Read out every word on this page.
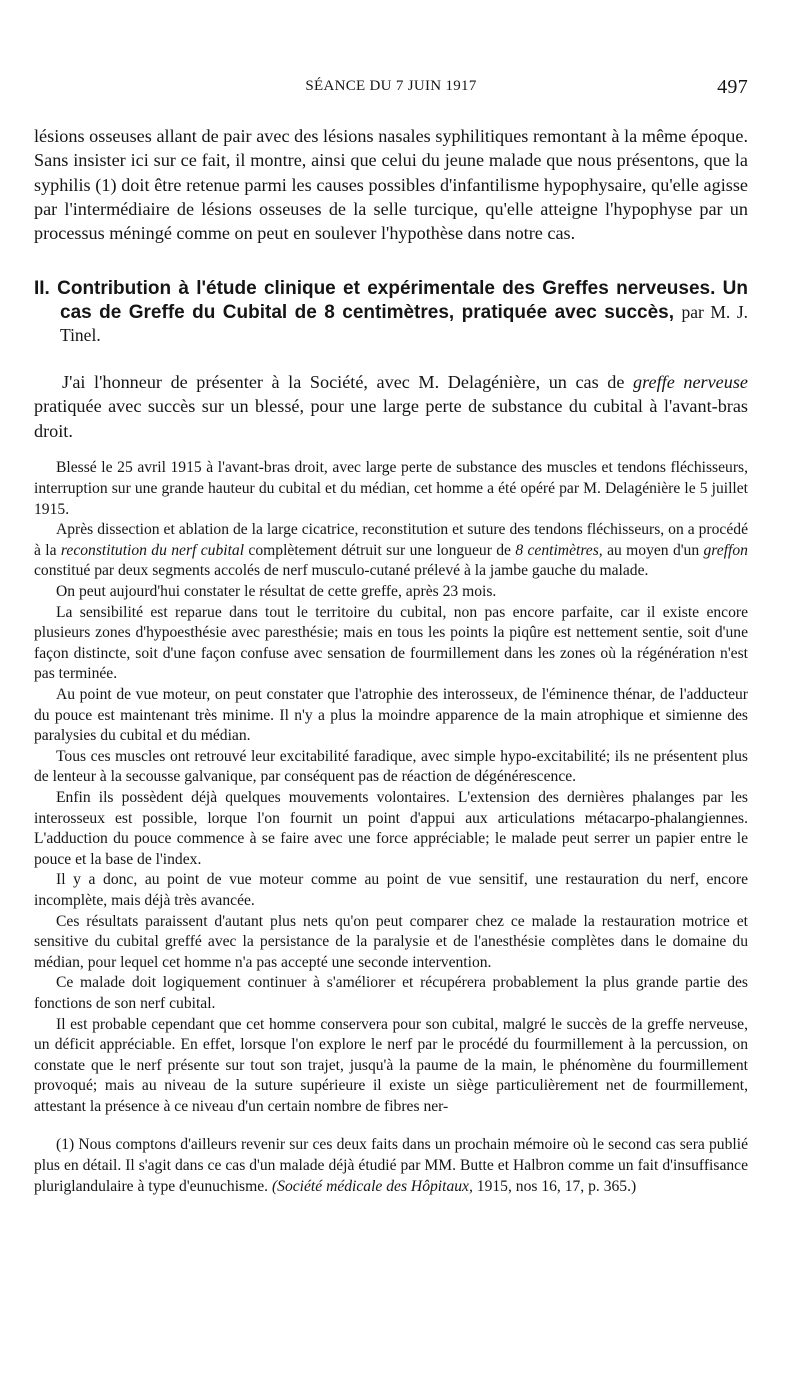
SÉANCE DU 7 JUIN 1917	497

lésions osseuses allant de pair avec des lésions nasales syphilitiques remontant à la même époque. Sans insister ici sur ce fait, il montre, ainsi que celui du jeune malade que nous présentons, que la syphilis (1) doit être retenue parmi les causes possibles d'infantilisme hypophysaire, qu'elle agisse par l'intermédiaire de lésions osseuses de la selle turcique, qu'elle atteigne l'hypophyse par un processus méningé comme on peut en soulever l'hypothèse dans notre cas.

II. Contribution à l'étude clinique et expérimentale des Greffes nerveuses. Un cas de Greffe du Cubital de 8 centimètres, pratiquée avec succès, par M. J. Tinel.

J'ai l'honneur de présenter à la Société, avec M. Delagénière, un cas de greffe nerveuse pratiquée avec succès sur un blessé, pour une large perte de substance du cubital à l'avant-bras droit.

Blessé le 25 avril 1915 à l'avant-bras droit, avec large perte de substance des muscles et tendons fléchisseurs, interruption sur une grande hauteur du cubital et du médian, cet homme a été opéré par M. Delagénière le 5 juillet 1915.

Après dissection et ablation de la large cicatrice, reconstitution et suture des tendons fléchisseurs, on a procédé à la reconstitution du nerf cubital complètement détruit sur une longueur de 8 centimètres, au moyen d'un greffon constitué par deux segments accolés de nerf musculo-cutané prélevé à la jambe gauche du malade.

On peut aujourd'hui constater le résultat de cette greffe, après 23 mois.

La sensibilité est reparue dans tout le territoire du cubital, non pas encore parfaite, car il existe encore plusieurs zones d'hypoesthésie avec paresthésie; mais en tous les points la piqûre est nettement sentie, soit d'une façon distincte, soit d'une façon confuse avec sensation de fourmillement dans les zones où la régénération n'est pas terminée.

Au point de vue moteur, on peut constater que l'atrophie des interosseux, de l'éminence thénar, de l'adducteur du pouce est maintenant très minime. Il n'y a plus la moindre apparence de la main atrophique et simienne des paralysies du cubital et du médian.

Tous ces muscles ont retrouvé leur excitabilité faradique, avec simple hypo-excitabilité; ils ne présentent plus de lenteur à la secousse galvanique, par conséquent pas de réaction de dégénérescence.

Enfin ils possèdent déjà quelques mouvements volontaires. L'extension des dernières phalanges par les interosseux est possible, lorque l'on fournit un point d'appui aux articulations métacarpo-phalangiennes. L'adduction du pouce commence à se faire avec une force appréciable; le malade peut serrer un papier entre le pouce et la base de l'index.

Il y a donc, au point de vue moteur comme au point de vue sensitif, une restauration du nerf, encore incomplète, mais déjà très avancée.

Ces résultats paraissent d'autant plus nets qu'on peut comparer chez ce malade la restauration motrice et sensitive du cubital greffé avec la persistance de la paralysie et de l'anesthésie complètes dans le domaine du médian, pour lequel cet homme n'a pas accepté une seconde intervention.

Ce malade doit logiquement continuer à s'améliorer et récupérera probablement la plus grande partie des fonctions de son nerf cubital.

Il est probable cependant que cet homme conservera pour son cubital, malgré le succès de la greffe nerveuse, un déficit appréciable. En effet, lorsque l'on explore le nerf par le procédé du fourmillement à la percussion, on constate que le nerf présente sur tout son trajet, jusqu'à la paume de la main, le phénomène du fourmillement provoqué; mais au niveau de la suture supérieure il existe un siège particulièrement net de fourmillement, attestant la présence à ce niveau d'un certain nombre de fibres ner-

(1) Nous comptons d'ailleurs revenir sur ces deux faits dans un prochain mémoire où le second cas sera publié plus en détail. Il s'agit dans ce cas d'un malade déjà étudié par MM. Butte et Halbron comme un fait d'insuffisance pluriglandulaire à type d'eunuchisme. (Société médicale des Hôpitaux, 1915, nos 16, 17, p. 365.)
